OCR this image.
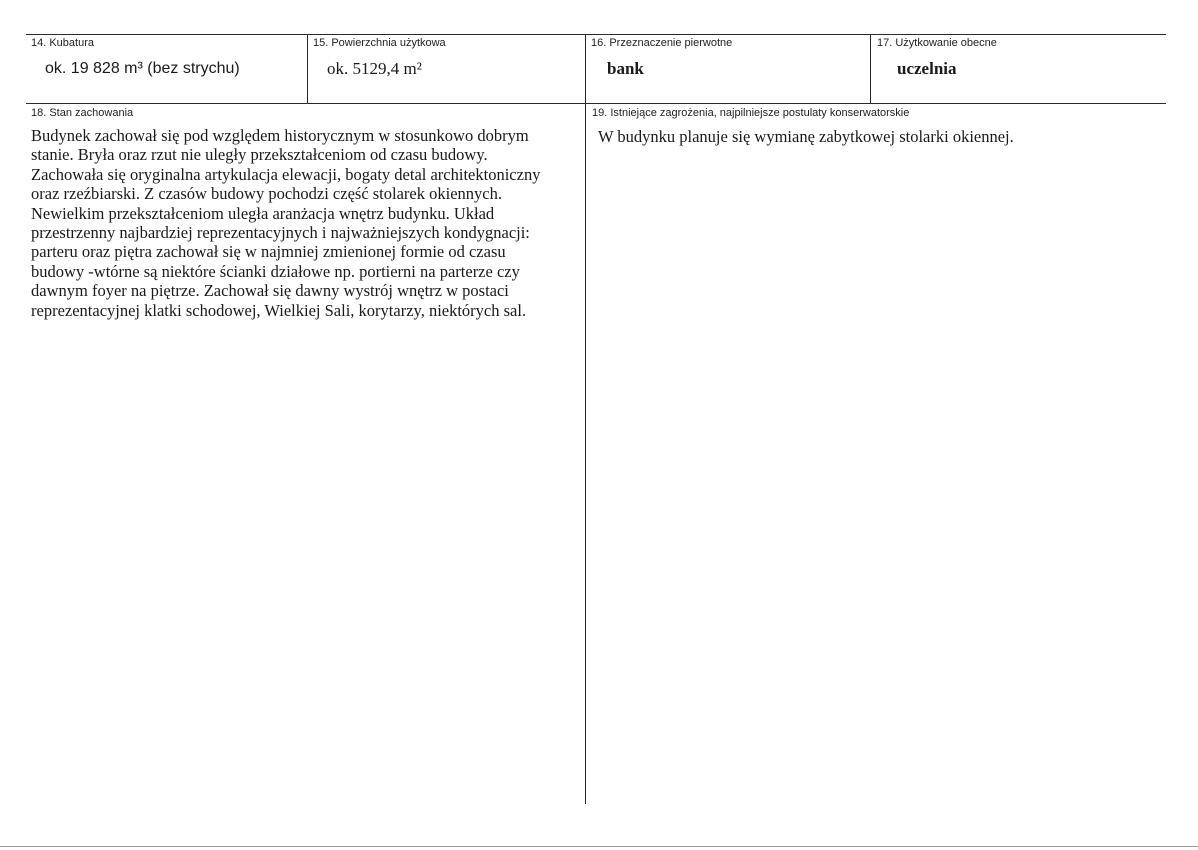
14. Kubatura
ok. 19 828 m³ (bez strychu)
15. Powierzchnia użytkowa
ok. 5129,4 m²
16. Przeznaczenie pierwotne
bank
17. Użytkowanie obecne
uczelnia
18. Stan zachowania
Budynek zachował się pod względem historycznym w stosunkowo dobrym
stanie. Bryła oraz rzut nie uległy przekształceniom od czasu budowy.
Zachowała się oryginalna artykulacja elewacji, bogaty detal architektoniczny
oraz rzeźbiarski. Z czasów budowy pochodzi część stolarek okiennych.
Newielkim przekształceniom uległa aranżacja wnętrz budynku. Układ
przestrzenny najbardziej reprezentacyjnych i najważniejszych kondygnacji:
parteru oraz piętra zachował się w najmniej zmienionej formie od czasu
budowy -wtórne są niektóre ścianki działowe np. portierni na parterze czy
dawnym foyer na piętrze. Zachował się dawny wystrój wnętrz w postaci
reprezentacyjnej klatki schodowej, Wielkiej Sali, korytarzy, niektórych sal.
19. Istniejące zagrożenia, najpilniejsze postulaty konserwatorskie
W budynku planuje się wymianę zabytkowej stolarki okiennej.
